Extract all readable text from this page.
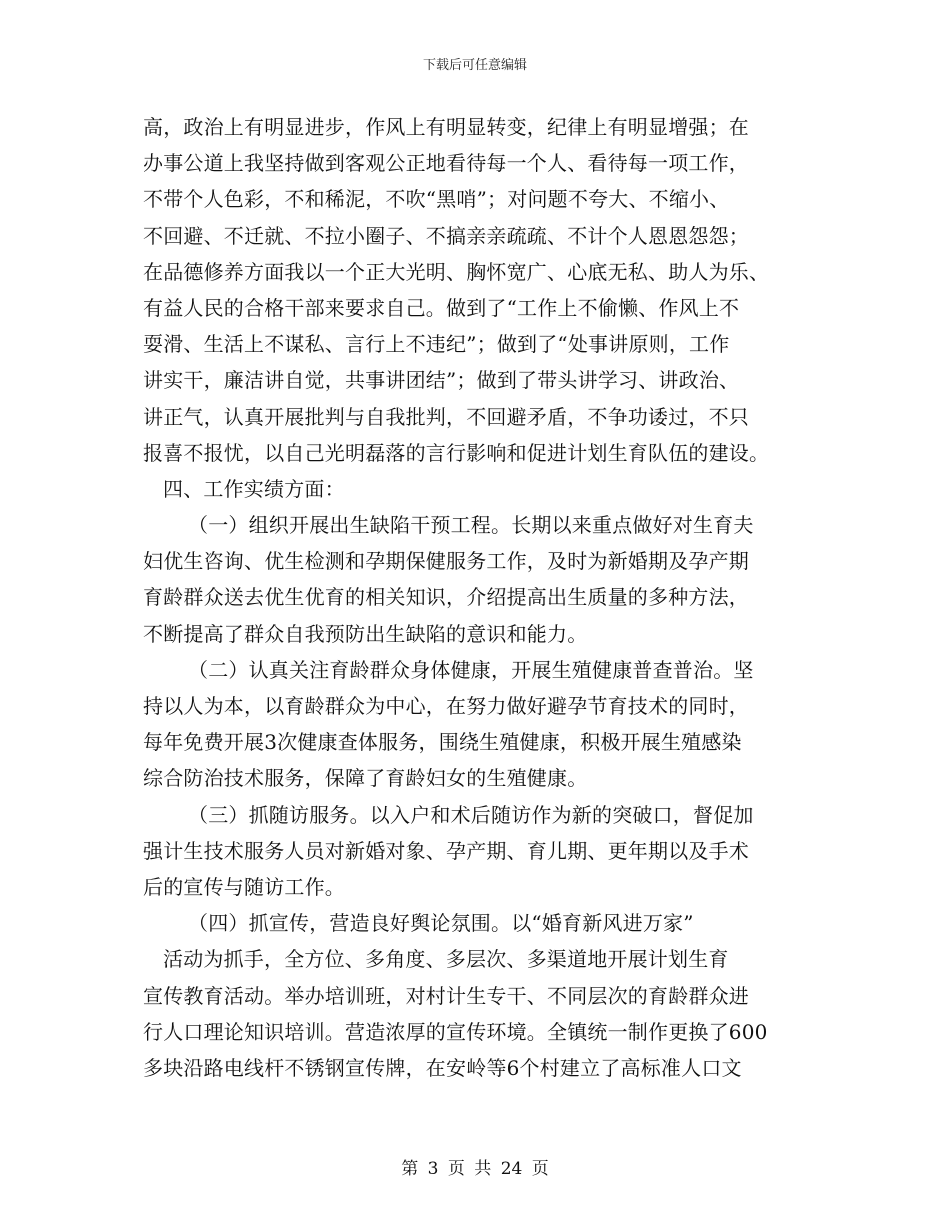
下载后可任意编辑
高，政治上有明显进步，作风上有明显转变，纪律上有明显增强；在
办事公道上我坚持做到客观公正地看待每一个人、看待每一项工作，
不带个人色彩，不和稀泥，不吹“黑哨”；对问题不夸大、不缩小、
不回避、不迁就、不拉小圈子、不搞亲亲疏疏、不计个人恩恩怨怨；
在品德修养方面我以一个正大光明、胸怀宽广、心底无私、助人为乐、
有益人民的合格干部来要求自己。做到了“工作上不偷懒、作风上不
耍滑、生活上不谋私、言行上不违纪”；做到了“处事讲原则，工作
讲实干，廉洁讲自觉，共事讲团结”；做到了带头讲学习、讲政治、
讲正气，认真开展批判与自我批判，不回避矛盾，不争功诿过，不只
报喜不报忧，以自己光明磊落的言行影响和促进计划生育队伍的建设。
四、工作实绩方面：
（一）组织开展出生缺陷干预工程。长期以来重点做好对生育夫
妇优生咨询、优生检测和孕期保健服务工作，及时为新婚期及孕产期
育龄群众送去优生优育的相关知识，介绍提高出生质量的多种方法，
不断提高了群众自我预防出生缺陷的意识和能力。
（二）认真关注育龄群众身体健康，开展生殖健康普查普治。坚
持以人为本，以育龄群众为中心，在努力做好避孕节育技术的同时，
每年免费开展3次健康查体服务，围绕生殖健康，积极开展生殖感染
综合防治技术服务，保障了育龄妇女的生殖健康。
（三）抓随访服务。以入户和术后随访作为新的突破口，督促加
强计生技术服务人员对新婚对象、孕产期、育儿期、更年期以及手术
后的宣传与随访工作。
（四）抓宣传，营造良好舆论氛围。以“婚育新风进万家”
活动为抓手，全方位、多角度、多层次、多渠道地开展计划生育
宣传教育活动。举办培训班，对村计生专干、不同层次的育龄群众进
行人口理论知识培训。营造浓厚的宣传环境。全镇统一制作更换了600
多块沿路电线杆不锈钢宣传牌，在安岭等6个村建立了高标准人口文
第 3 页 共 24 页
